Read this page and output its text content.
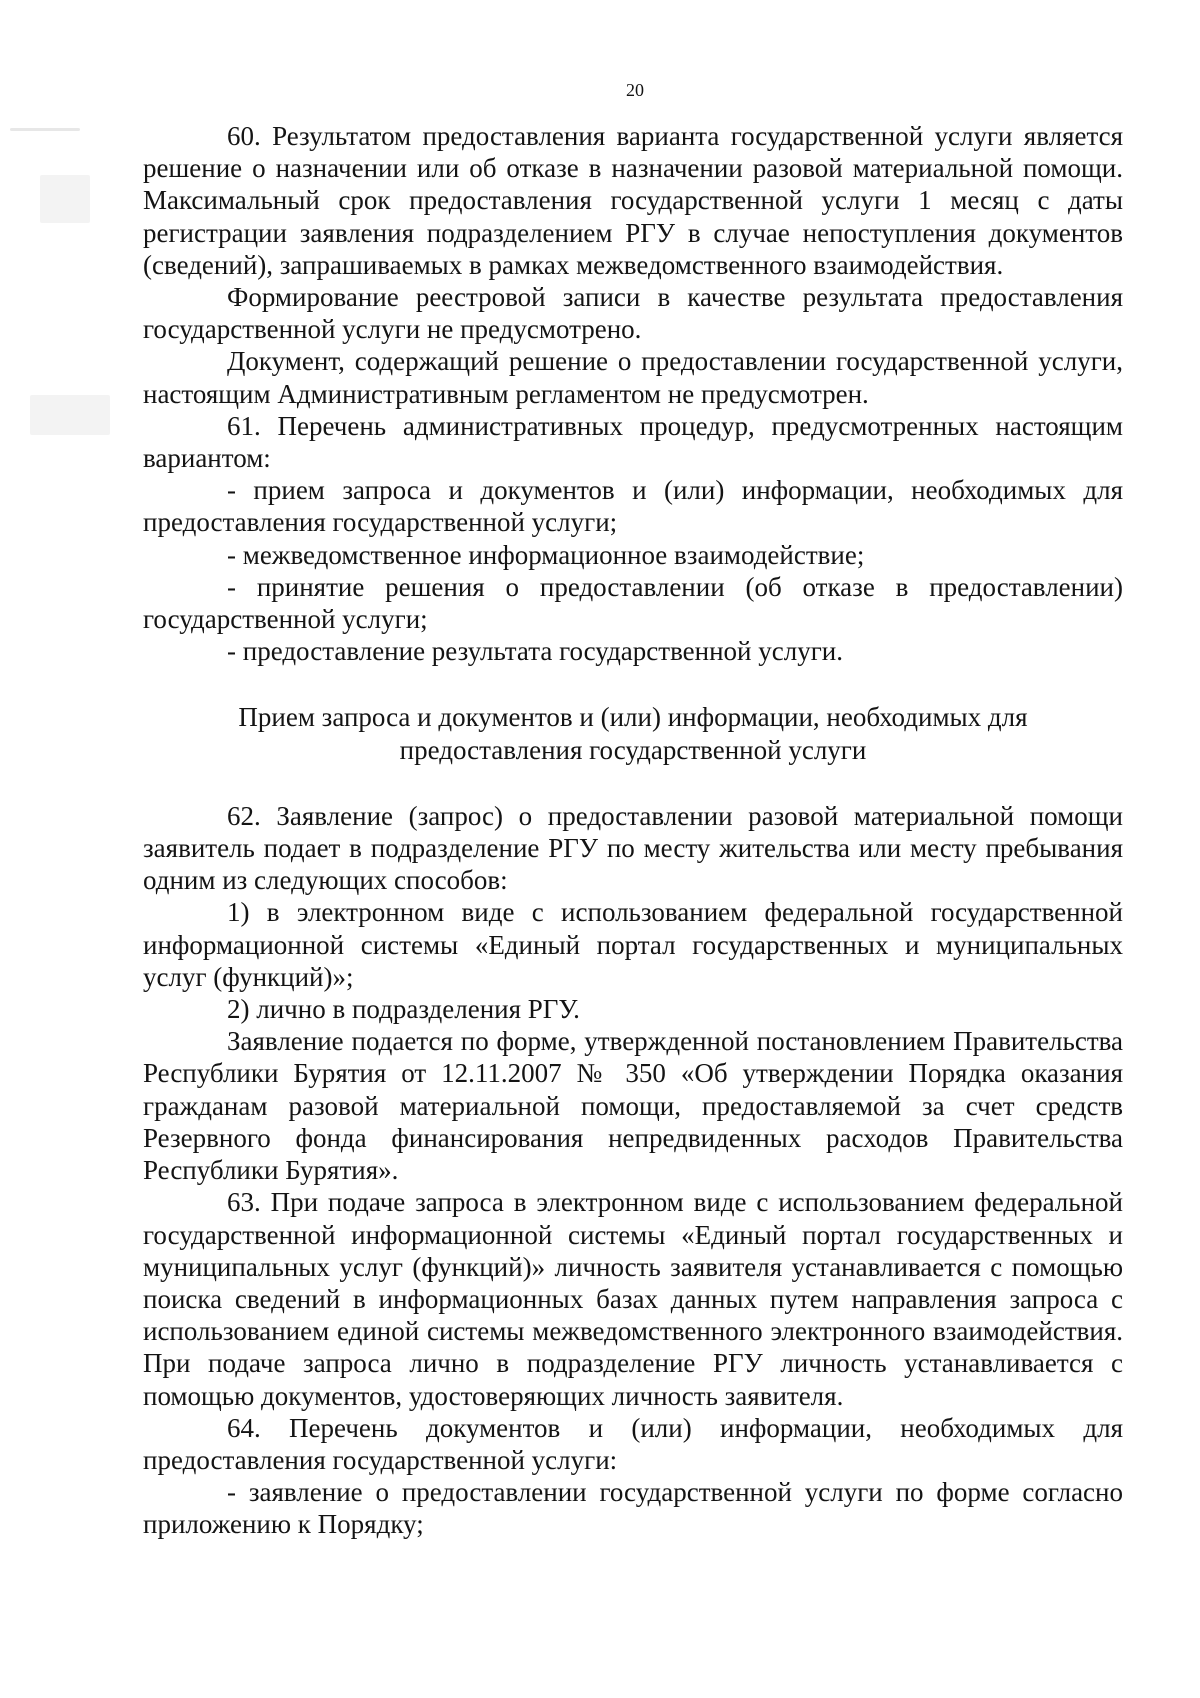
20

60. Результатом предоставления варианта государственной услуги является решение о назначении или об отказе в назначении разовой материальной помощи. Максимальный срок предоставления государственной услуги 1 месяц с даты регистрации заявления подразделением РГУ в случае непоступления документов (сведений), запрашиваемых в рамках межведомственного взаимодействия.

Формирование реестровой записи в качестве результата предоставления государственной услуги не предусмотрено.

Документ, содержащий решение о предоставлении государственной услуги, настоящим Административным регламентом не предусмотрен.

61. Перечень административных процедур, предусмотренных настоящим вариантом:

- прием запроса и документов и (или) информации, необходимых для предоставления государственной услуги;

- межведомственное информационное взаимодействие;

- принятие решения о предоставлении (об отказе в предоставлении) государственной услуги;

- предоставление результата государственной услуги.

Прием запроса и документов и (или) информации, необходимых для
предоставления государственной услуги

62. Заявление (запрос) о предоставлении разовой материальной помощи заявитель подает в подразделение РГУ по месту жительства или месту пребывания одним из следующих способов:

1) в электронном виде с использованием федеральной государственной информационной системы «Единый портал государственных и муниципальных услуг (функций)»;

2) лично в подразделения РГУ.

Заявление подается по форме, утвержденной постановлением Правительства Республики Бурятия от 12.11.2007 № 350 «Об утверждении Порядка оказания гражданам разовой материальной помощи, предоставляемой за счет средств Резервного фонда финансирования непредвиденных расходов Правительства Республики Бурятия».

63. При подаче запроса в электронном виде с использованием федеральной государственной информационной системы «Единый портал государственных и муниципальных услуг (функций)» личность заявителя устанавливается с помощью поиска сведений в информационных базах данных путем направления запроса с использованием единой системы межведомственного электронного взаимодействия. При подаче запроса лично в подразделение РГУ личность устанавливается с помощью документов, удостоверяющих личность заявителя.

64. Перечень документов и (или) информации, необходимых для предоставления государственной услуги:

- заявление о предоставлении государственной услуги по форме согласно приложению к Порядку;
